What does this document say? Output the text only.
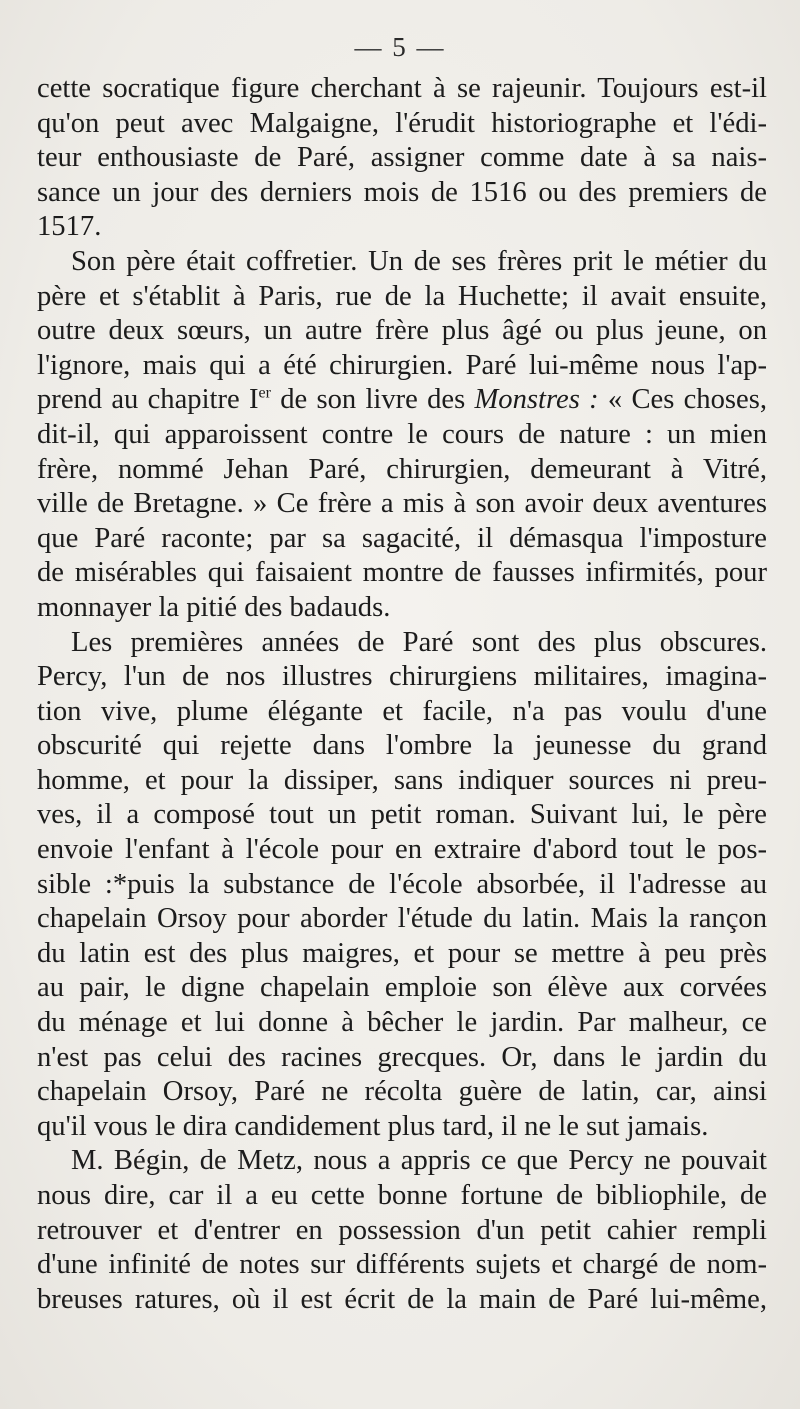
— 5 —
cette socratique figure cherchant à se rajeunir. Toujours est-il
qu'on peut avec Malgaigne, l'érudit historiographe et l'édi-
teur enthousiaste de Paré, assigner comme date à sa nais-
sance un jour des derniers mois de 1516 ou des premiers de
1517.
Son père était coffretier. Un de ses frères prit le métier du
père et s'établit à Paris, rue de la Huchette; il avait ensuite,
outre deux sœurs, un autre frère plus âgé ou plus jeune, on
l'ignore, mais qui a été chirurgien. Paré lui-même nous l'ap-
prend au chapitre Ier de son livre des Monstres : « Ces choses,
dit-il, qui apparoissent contre le cours de nature : un mien
frère, nommé Jehan Paré, chirurgien, demeurant à Vitré,
ville de Bretagne. » Ce frère a mis à son avoir deux aventures
que Paré raconte; par sa sagacité, il démasqua l'imposture
de misérables qui faisaient montre de fausses infirmités, pour
monnayer la pitié des badauds.
Les premières années de Paré sont des plus obscures.
Percy, l'un de nos illustres chirurgiens militaires, imagina-
tion vive, plume élégante et facile, n'a pas voulu d'une
obscurité qui rejette dans l'ombre la jeunesse du grand
homme, et pour la dissiper, sans indiquer sources ni preu-
ves, il a composé tout un petit roman. Suivant lui, le père
envoie l'enfant à l'école pour en extraire d'abord tout le pos-
sible :*puis la substance de l'école absorbée, il l'adresse au
chapelain Orsoy pour aborder l'étude du latin. Mais la rançon
du latin est des plus maigres, et pour se mettre à peu près
au pair, le digne chapelain emploie son élève aux corvées
du ménage et lui donne à bêcher le jardin. Par malheur, ce
n'est pas celui des racines grecques. Or, dans le jardin du
chapelain Orsoy, Paré ne récolta guère de latin, car, ainsi
qu'il vous le dira candidement plus tard, il ne le sut jamais.
M. Bégin, de Metz, nous a appris ce que Percy ne pouvait
nous dire, car il a eu cette bonne fortune de bibliophile, de
retrouver et d'entrer en possession d'un petit cahier rempli
d'une infinité de notes sur différents sujets et chargé de nom-
breuses ratures, où il est écrit de la main de Paré lui-même,
